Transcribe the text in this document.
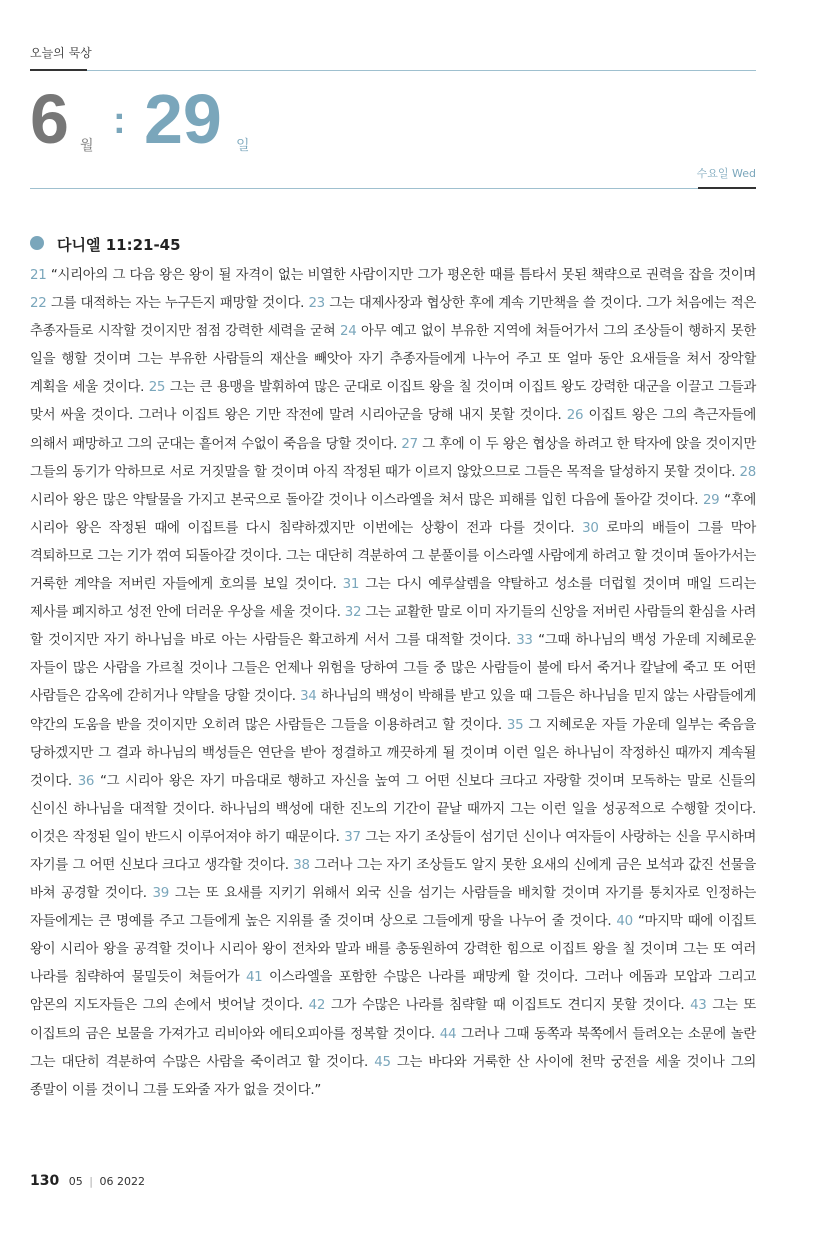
오늘의 묵상
6 월
: 29 일
수요일 Wed
다니엘 11:21-45
21 “시리아의 그 다음 왕은 왕이 될 자격이 없는 비열한 사람이지만 그가 평온한 때를 틈타서 못된 책략으로 권력을 잡을 것이며 22 그를 대적하는 자는 누구든지 패망할 것이다. 23 그는 대제사장과 협상한 후에 계속 기만책을 쓸 것이다. 그가 처음에는 적은 추종자들로 시작할 것이지만 점점 강력한 세력을 굳혀 24 아무 예고 없이 부유한 지역에 쳐들어가서 그의 조상들이 행하지 못한 일을 행할 것이며 그는 부유한 사람들의 재산을 빼앗아 자기 추종자들에게 나누어 주고 또 얼마 동안 요새들을 쳐서 장악할 계획을 세울 것이다. 25 그는 큰 용맹을 발휘하여 많은 군대로 이집트 왕을 칠 것이며 이집트 왕도 강력한 대군을 이끌고 그들과 맞서 싸울 것이다. 그러나 이집트 왕은 기만 작전에 말려 시리아군을 당해 내지 못할 것이다. 26 이집트 왕은 그의 측근자들에 의해서 패망하고 그의 군대는 흩어져 수없이 죽음을 당할 것이다. 27 그 후에 이 두 왕은 협상을 하려고 한 탁자에 앉을 것이지만 그들의 동기가 악하므로 서로 거짓말을 할 것이며 아직 작정된 때가 이르지 않았으므로 그들은 목적을 달성하지 못할 것이다. 28 시리아 왕은 많은 약탈물을 가지고 본국으로 돌아갈 것이나 이스라엘을 쳐서 많은 피해를 입힌 다음에 돌아갈 것이다. 29 “후에 시리아 왕은 작정된 때에 이집트를 다시 침략하겠지만 이번에는 상황이 전과 다를 것이다. 30 로마의 배들이 그를 막아 격퇴하므로 그는 기가 꺾여 되돌아갈 것이다. 그는 대단히 격분하여 그 분풀이를 이스라엘 사람에게 하려고 할 것이며 돌아가서는 거룩한 계약을 저버린 자들에게 호의를 보일 것이다. 31 그는 다시 예루살렘을 약탈하고 성소를 더럽힐 것이며 매일 드리는 제사를 폐지하고 성전 안에 더러운 우상을 세울 것이다. 32 그는 교활한 말로 이미 자기들의 신앙을 저버린 사람들의 환심을 사려 할 것이지만 자기 하나님을 바로 아는 사람들은 확고하게 서서 그를 대적할 것이다. 33 “그때 하나님의 백성 가운데 지혜로운 자들이 많은 사람을 가르칠 것이나 그들은 언제나 위험을 당하여 그들 중 많은 사람들이 불에 타서 죽거나 칼날에 죽고 또 어떤 사람들은 감옥에 갇히거나 약탈을 당할 것이다. 34 하나님의 백성이 박해를 받고 있을 때 그들은 하나님을 믿지 않는 사람들에게 약간의 도움을 받을 것이지만 오히려 많은 사람들은 그들을 이용하려고 할 것이다. 35 그 지혜로운 자들 가운데 일부는 죽음을 당하겠지만 그 결과 하나님의 백성들은 연단을 받아 정결하고 깨끗하게 될 것이며 이런 일은 하나님이 작정하신 때까지 계속될 것이다. 36 “그 시리아 왕은 자기 마음대로 행하고 자신을 높여 그 어떤 신보다 크다고 자랑할 것이며 모독하는 말로 신들의 신이신 하나님을 대적할 것이다. 하나님의 백성에 대한 진노의 기간이 끝날 때까지 그는 이런 일을 성공적으로 수행할 것이다. 이것은 작정된 일이 반드시 이루어져야 하기 때문이다. 37 그는 자기 조상들이 섬기던 신이나 여자들이 사랑하는 신을 무시하며 자기를 그 어떤 신보다 크다고 생각할 것이다. 38 그러나 그는 자기 조상들도 알지 못한 요새의 신에게 금은 보석과 값진 선물을 바쳐 공경할 것이다. 39 그는 또 요새를 지키기 위해서 외국 신을 섬기는 사람들을 배치할 것이며 자기를 통치자로 인정하는 자들에게는 큰 명예를 주고 그들에게 높은 지위를 줄 것이며 상으로 그들에게 땅을 나누어 줄 것이다. 40 “마지막 때에 이집트 왕이 시리아 왕을 공격할 것이나 시리아 왕이 전차와 말과 배를 총동원하여 강력한 힘으로 이집트 왕을 칠 것이며 그는 또 여러 나라를 침략하여 물밀듯이 쳐들어가 41 이스라엘을 포함한 수많은 나라를 패망케 할 것이다. 그러나 에돔과 모압과 그리고 암몬의 지도자들은 그의 손에서 벗어날 것이다. 42 그가 수많은 나라를 침략할 때 이집트도 견디지 못할 것이다. 43 그는 또 이집트의 금은 보물을 가져가고 리비아와 에티오피아를 정복할 것이다. 44 그러나 그때 동쪽과 북쪽에서 들려오는 소문에 놀란 그는 대단히 격분하여 수많은 사람을 죽이려고 할 것이다. 45 그는 바다와 거룩한 산 사이에 천막 궁전을 세울 것이나 그의 종말이 이를 것이니 그를 도와줄 자가 없을 것이다.”
130 05 | 06 2022
